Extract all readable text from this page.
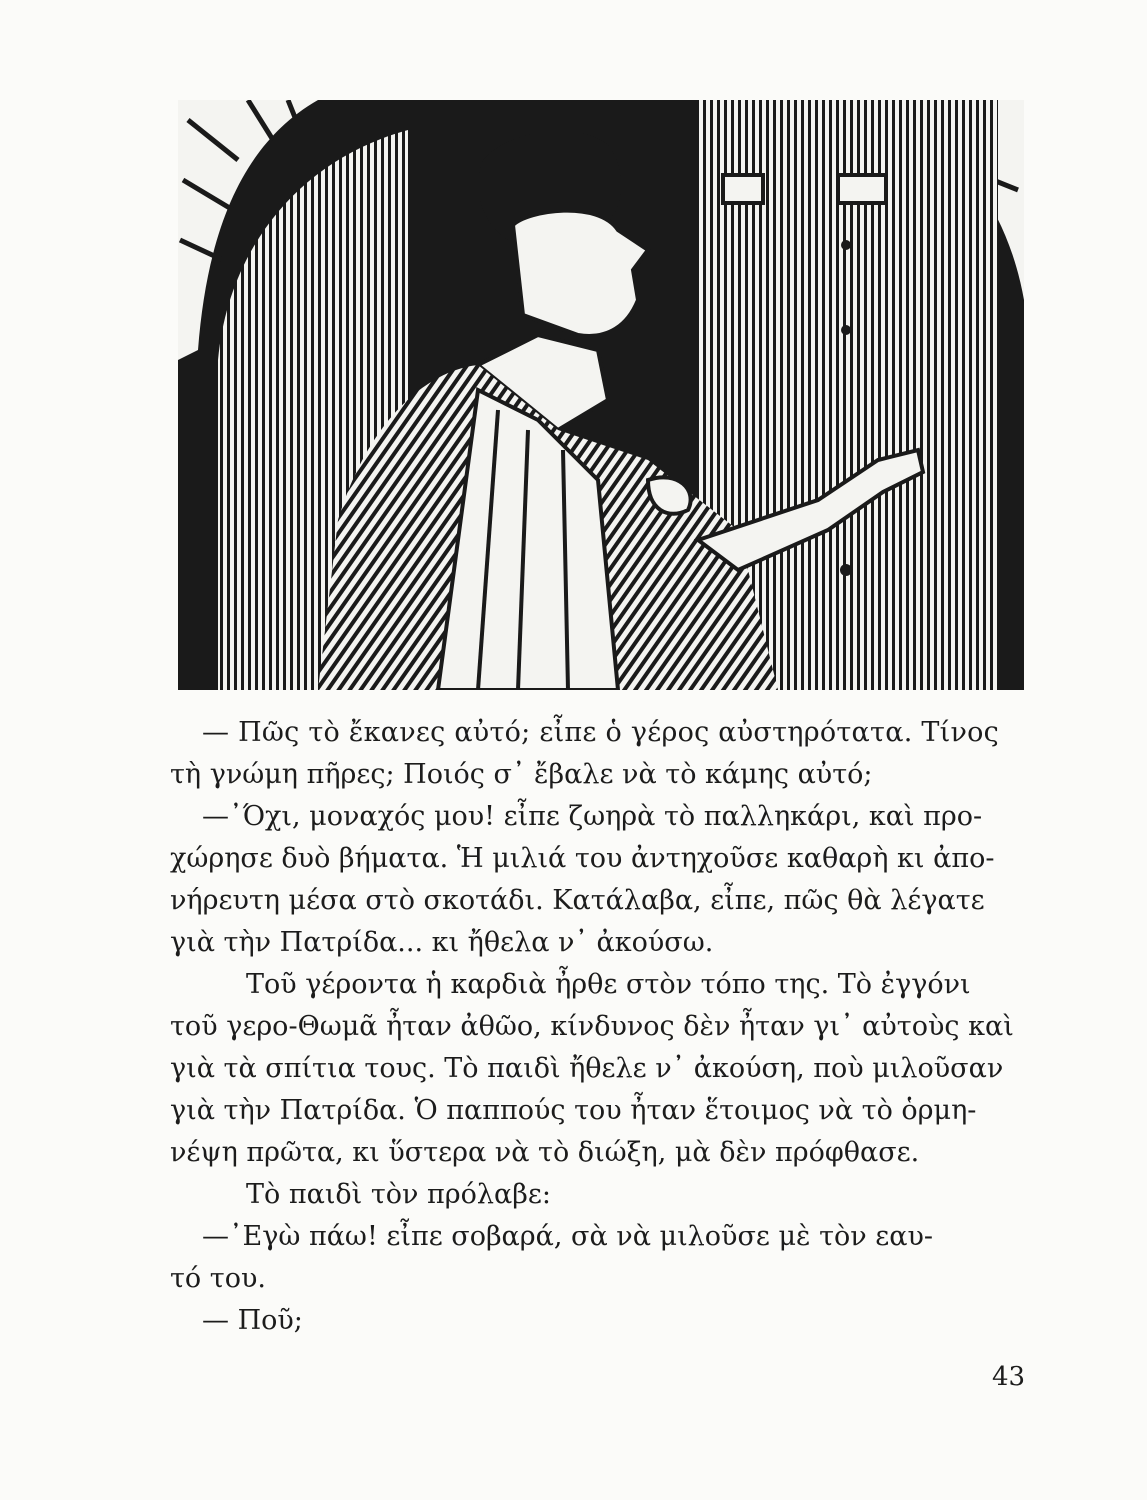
— Πῶς τὸ ἔκανες αὐτό; εἶπε ὁ γέρος αὐστηρότατα. Τίνος

τὴ γνώμη πῆρες; Ποιός σ᾽ ἔβαλε νὰ τὸ κάμης αὐτό;

—᾽Όχι, μοναχός μου! εἶπε ζωηρὰ τὸ παλληκάρι, καὶ προ-

χώρησε δυὸ βήματα. Ἡ μιλιά του ἀντηχοῦσε καθαρὴ κι ἀπο-

νήρευτη μέσα στὸ σκοτάδι. Κατάλαβα, εἶπε, πῶς θὰ λέγατε

γιὰ τὴν Πατρίδα... κι ἤθελα ν᾽ ἀκούσω.

Τοῦ γέροντα ἡ καρδιὰ ἦρθε στὸν τόπο της. Τὸ ἐγγόνι

τοῦ γερο-Θωμᾶ ἦταν ἀθῶο, κίνδυνος δὲν ἦταν γι᾽ αὐτοὺς καὶ

γιὰ τὰ σπίτια τους. Τὸ παιδὶ ἤθελε ν᾽ ἀκούση, ποὺ μιλοῦσαν

γιὰ τὴν Πατρίδα. Ὁ παππούς του ἦταν ἕτοιμος νὰ τὸ ὁρμη-

νέψη πρῶτα, κι ὕστερα νὰ τὸ διώξη, μὰ δὲν πρόφθασε.

Τὸ παιδὶ τὸν πρόλαβε:

—᾽Εγὼ πάω! εἶπε σοβαρά, σὰ νὰ μιλοῦσε μὲ τὸν εαυ-

τό του.

— Ποῦ;

43
